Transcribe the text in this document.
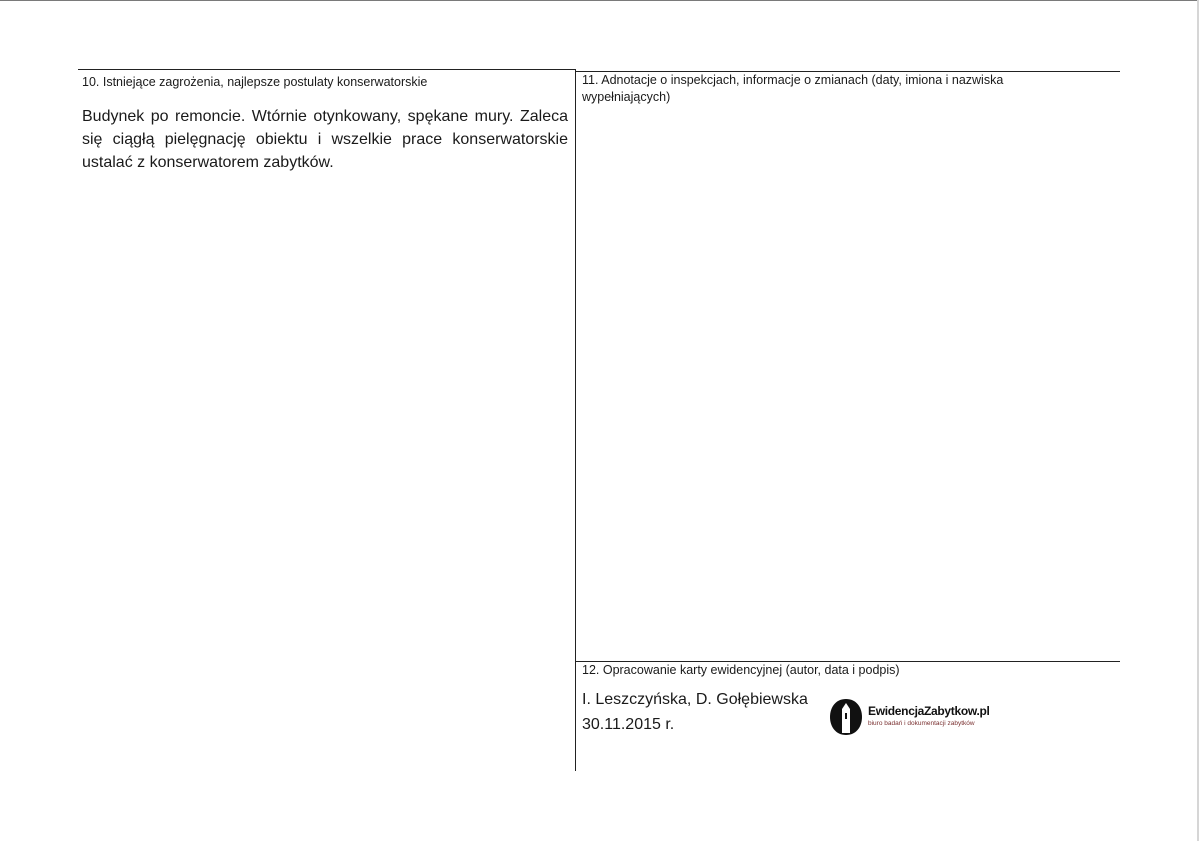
10. Istniejące zagrożenia, najlepsze postulaty konserwatorskie
Budynek po remoncie. Wtórnie otynkowany, spękane mury. Zaleca się ciągłą pielęgnację obiektu i wszelkie prace konserwatorskie ustalać z konserwatorem zabytków.
11. Adnotacje o inspekcjach, informacje o zmianach (daty, imiona i nazwiska wypełniających)
12. Opracowanie karty ewidencyjnej (autor, data i podpis)
I. Leszczyńska, D. Gołębiewska
30.11.2015 r.
EwidencjaZabytkow.pl
biuro badań i dokumentacji zabytków
